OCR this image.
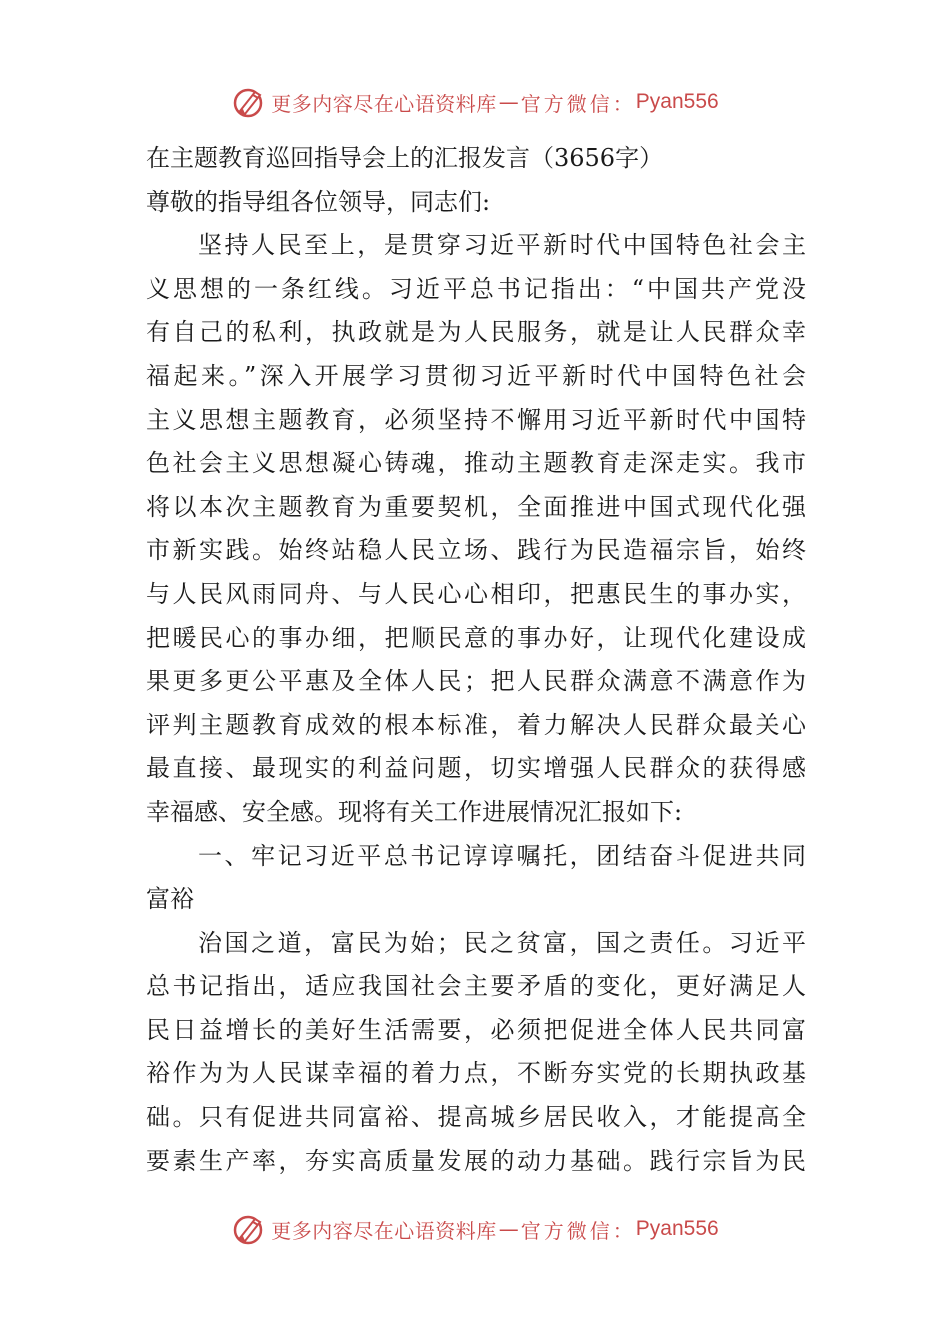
更多内容尽在心语资料库 — 官方微信： Pyan556
在主题教育巡回指导会上的汇报发言（3656字）
尊敬的指导组各位领导，同志们:
坚持人民至上，是贯穿习近平新时代中国特色社会主
义思想的一条红线。习近平总书记指出：“中国共产党没
有自己的私利，执政就是为人民服务，就是让人民群众幸
福起来。”深入开展学习贯彻习近平新时代中国特色社会
主义思想主题教育，必须坚持不懈用习近平新时代中国特
色社会主义思想凝心铸魂，推动主题教育走深走实。我市
将以本次主题教育为重要契机，全面推进中国式现代化强
市新实践。始终站稳人民立场、践行为民造福宗旨，始终
与人民风雨同舟、与人民心心相印，把惠民生的事办实，
把暖民心的事办细，把顺民意的事办好，让现代化建设成
果更多更公平惠及全体人民；把人民群众满意不满意作为
评判主题教育成效的根本标准，着力解决人民群众最关心
最直接、最现实的利益问题，切实增强人民群众的获得感
幸福感、安全感。现将有关工作进展情况汇报如下:
一、牢记习近平总书记谆谆嘱托，团结奋斗促进共同
富裕
治国之道，富民为始；民之贫富，国之责任。习近平
总书记指出，适应我国社会主要矛盾的变化，更好满足人
民日益增长的美好生活需要，必须把促进全体人民共同富
裕作为为人民谋幸福的着力点，不断夯实党的长期执政基
础。只有促进共同富裕、提高城乡居民收入，才能提高全
要素生产率，夯实高质量发展的动力基础。践行宗旨为民
更多内容尽在心语资料库 — 官方微信： Pyan556
